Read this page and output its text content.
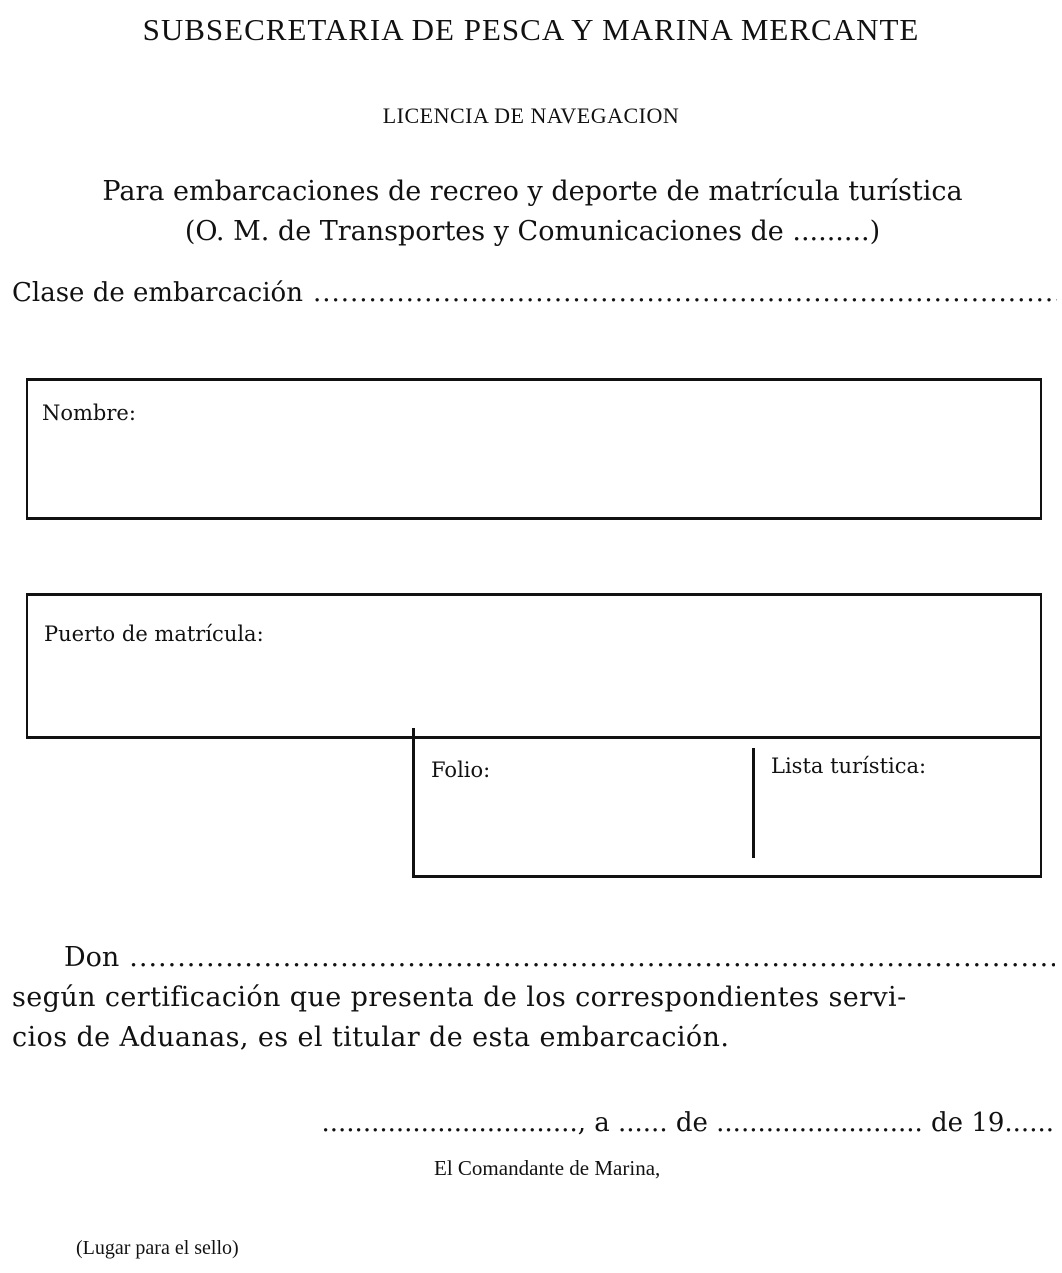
SUBSECRETARIA DE PESCA Y MARINA MERCANTE
LICENCIA DE NAVEGACION
Para embarcaciones de recreo y deporte de matrícula turística
(O. M. de Transportes y Comunicaciones de .........)
Clase de embarcación
.....
Nombre:
Puerto de matrícula:
Folio:	Lista turística:
Don
.....
según certificación que presenta de los correspondientes servi-
cios de Aduanas, es el titular de esta embarcación.
..............................., a ...... de ......................... de 19......
El Comandante de Marina,
(Lugar para el sello)
